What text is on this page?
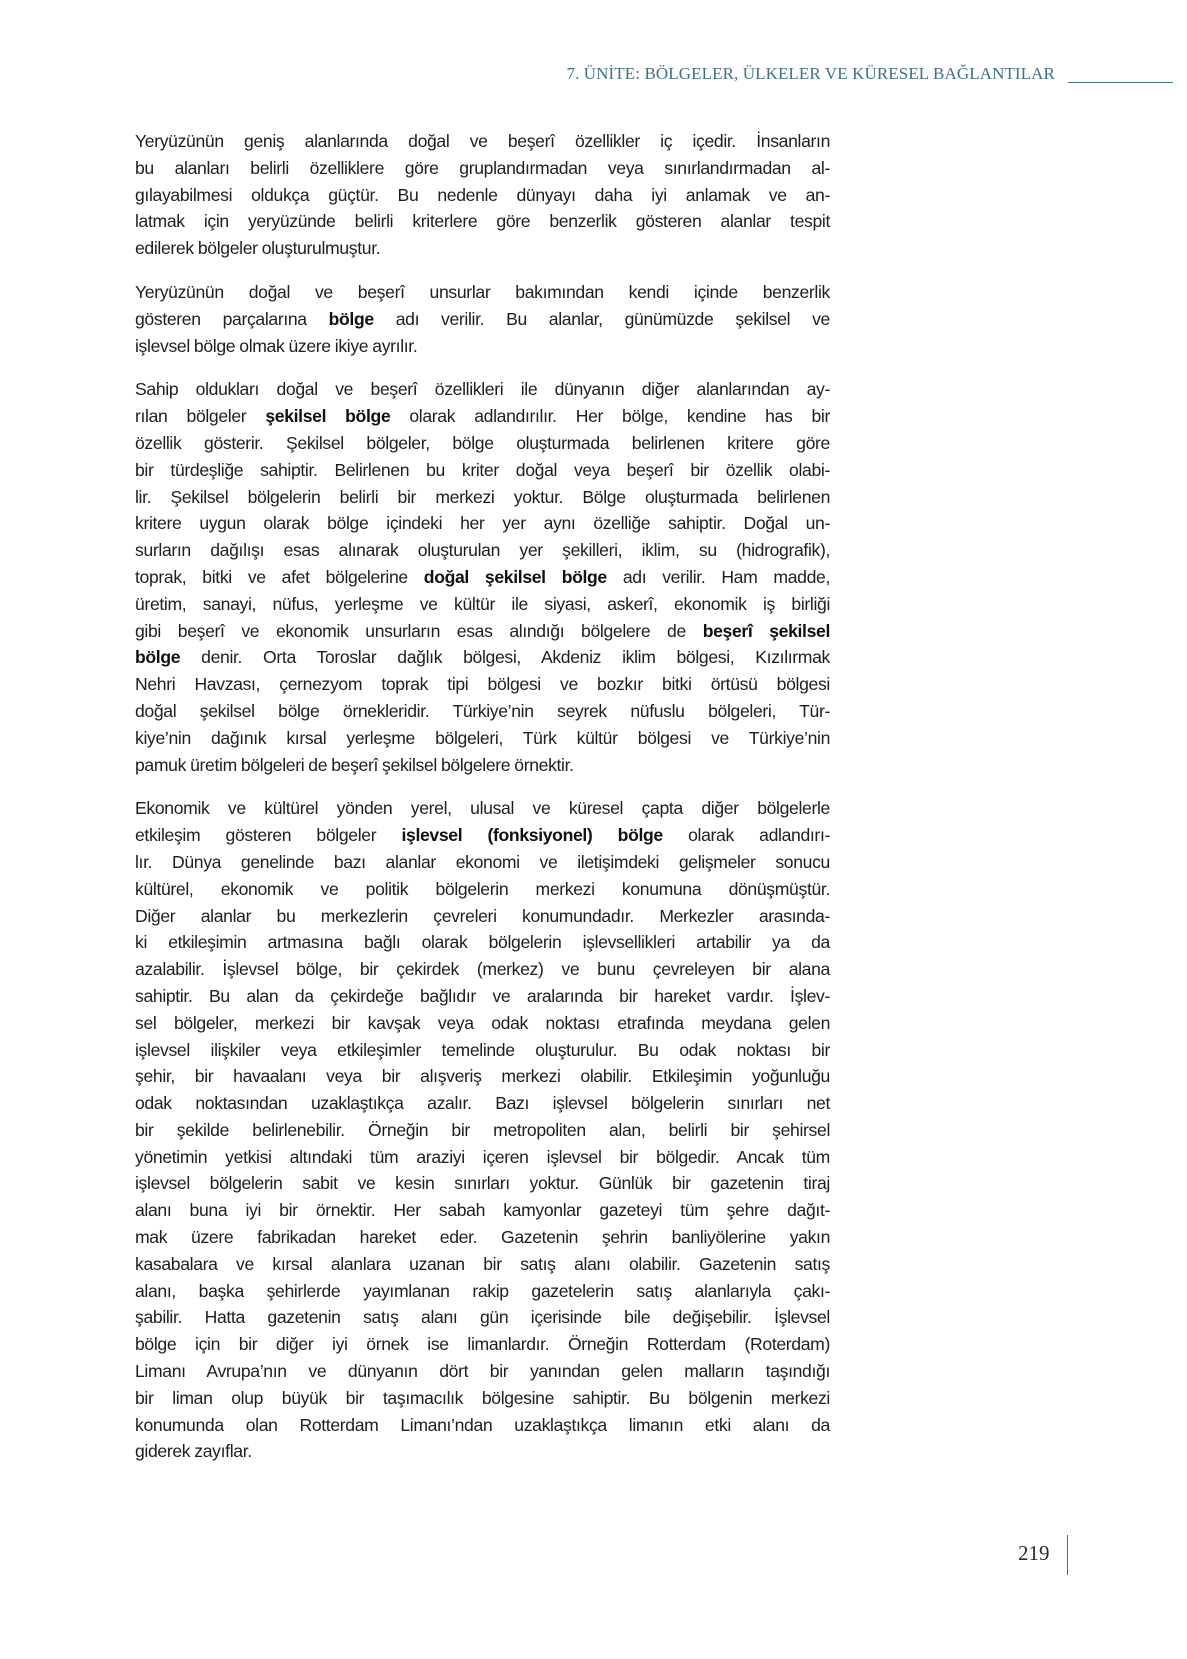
7. ÜNİTE: BÖLGELER, ÜLKELER VE KÜRESEL BAĞLANTILAR
Yeryüzünün geniş alanlarında doğal ve beşerî özellikler iç içedir. İnsanların
bu alanları belirli özelliklere göre gruplandırmadan veya sınırlandırmadan al-
gılayabilmesi oldukça güçtür. Bu nedenle dünyayı daha iyi anlamak ve an-
latmak için yeryüzünde belirli kriterlere göre benzerlik gösteren alanlar tespit
edilerek bölgeler oluşturulmuştur.
Yeryüzünün doğal ve beşerî unsurlar bakımından kendi içinde benzerlik
gösteren parçalarına bölge adı verilir. Bu alanlar, günümüzde şekilsel ve
işlevsel bölge olmak üzere ikiye ayrılır.
Sahip oldukları doğal ve beşerî özellikleri ile dünyanın diğer alanlarından ay-
rılan bölgeler şekilsel bölge olarak adlandırılır. Her bölge, kendine has bir
özellik gösterir. Şekilsel bölgeler, bölge oluşturmada belirlenen kritere göre
bir türdeşliğe sahiptir. Belirlenen bu kriter doğal veya beşerî bir özellik olabi-
lir. Şekilsel bölgelerin belirli bir merkezi yoktur. Bölge oluşturmada belirlenen
kritere uygun olarak bölge içindeki her yer aynı özelliğe sahiptir. Doğal un-
surların dağılışı esas alınarak oluşturulan yer şekilleri, iklim, su (hidrografik),
toprak, bitki ve afet bölgelerine doğal şekilsel bölge adı verilir. Ham madde,
üretim, sanayi, nüfus, yerleşme ve kültür ile siyasi, askerî, ekonomik iş birliği
gibi beşerî ve ekonomik unsurların esas alındığı bölgelere de beşerî şekilsel
bölge denir. Orta Toroslar dağlık bölgesi, Akdeniz iklim bölgesi, Kızılırmak
Nehri Havzası, çernezyom toprak tipi bölgesi ve bozkır bitki örtüsü bölgesi
doğal şekilsel bölge örnekleridir. Türkiye’nin seyrek nüfuslu bölgeleri, Tür-
kiye’nin dağınık kırsal yerleşme bölgeleri, Türk kültür bölgesi ve Türkiye’nin
pamuk üretim bölgeleri de beşerî şekilsel bölgelere örnektir.
Ekonomik ve kültürel yönden yerel, ulusal ve küresel çapta diğer bölgelerle
etkileşim gösteren bölgeler işlevsel (fonksiyonel) bölge olarak adlandırı-
lır. Dünya genelinde bazı alanlar ekonomi ve iletişimdeki gelişmeler sonucu
kültürel, ekonomik ve politik bölgelerin merkezi konumuna dönüşmüştür.
Diğer alanlar bu merkezlerin çevreleri konumundadır. Merkezler arasında-
ki etkileşimin artmasına bağlı olarak bölgelerin işlevsellikleri artabilir ya da
azalabilir. İşlevsel bölge, bir çekirdek (merkez) ve bunu çevreleyen bir alana
sahiptir. Bu alan da çekirdeğe bağlıdır ve aralarında bir hareket vardır. İşlev-
sel bölgeler, merkezi bir kavşak veya odak noktası etrafında meydana gelen
işlevsel ilişkiler veya etkileşimler temelinde oluşturulur. Bu odak noktası bir
şehir, bir havaalanı veya bir alışveriş merkezi olabilir. Etkileşimin yoğunluğu
odak noktasından uzaklaştıkça azalır. Bazı işlevsel bölgelerin sınırları net
bir şekilde belirlenebilir. Örneğin bir metropoliten alan, belirli bir şehirsel
yönetimin yetkisi altındaki tüm araziyi içeren işlevsel bir bölgedir. Ancak tüm
işlevsel bölgelerin sabit ve kesin sınırları yoktur. Günlük bir gazetenin tiraj
alanı buna iyi bir örnektir. Her sabah kamyonlar gazeteyi tüm şehre dağıt-
mak üzere fabrikadan hareket eder. Gazetenin şehrin banliyölerine yakın
kasabalara ve kırsal alanlara uzanan bir satış alanı olabilir. Gazetenin satış
alanı, başka şehirlerde yayımlanan rakip gazetelerin satış alanlarıyla çakı-
şabilir. Hatta gazetenin satış alanı gün içerisinde bile değişebilir. İşlevsel
bölge için bir diğer iyi örnek ise limanlardır. Örneğin Rotterdam (Roterdam)
Limanı Avrupa’nın ve dünyanın dört bir yanından gelen malların taşındığı
bir liman olup büyük bir taşımacılık bölgesine sahiptir. Bu bölgenin merkezi
konumunda olan Rotterdam Limanı’ndan uzaklaştıkça limanın etki alanı da
giderek zayıflar.
219
